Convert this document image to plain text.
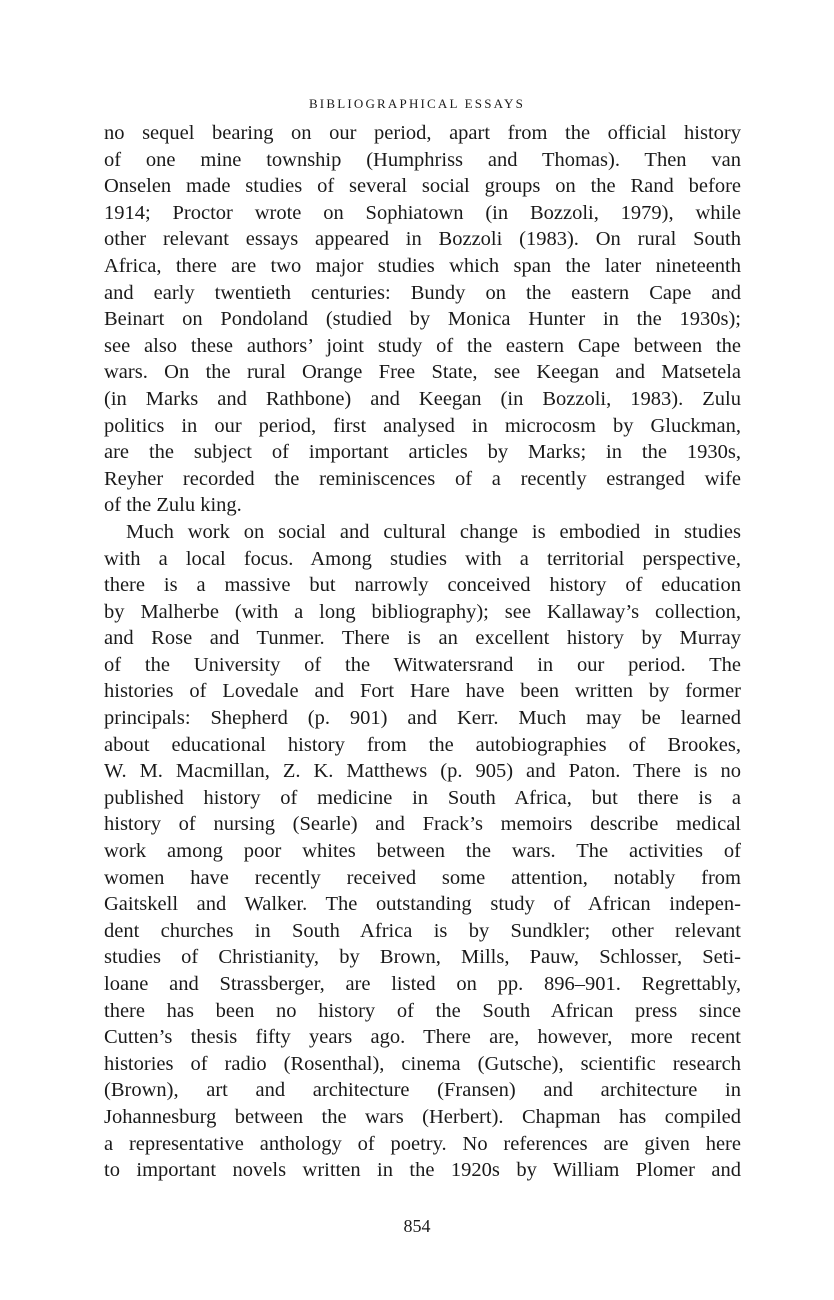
BIBLIOGRAPHICAL ESSAYS
no sequel bearing on our period, apart from the official history
of one mine township (Humphriss and Thomas). Then van
Onselen made studies of several social groups on the Rand before
1914; Proctor wrote on Sophiatown (in Bozzoli, 1979), while
other relevant essays appeared in Bozzoli (1983). On rural South
Africa, there are two major studies which span the later nineteenth
and early twentieth centuries: Bundy on the eastern Cape and
Beinart on Pondoland (studied by Monica Hunter in the 1930s);
see also these authors’ joint study of the eastern Cape between the
wars. On the rural Orange Free State, see Keegan and Matsetela
(in Marks and Rathbone) and Keegan (in Bozzoli, 1983). Zulu
politics in our period, first analysed in microcosm by Gluckman,
are the subject of important articles by Marks; in the 1930s,
Reyher recorded the reminiscences of a recently estranged wife
of the Zulu king.
Much work on social and cultural change is embodied in studies
with a local focus. Among studies with a territorial perspective,
there is a massive but narrowly conceived history of education
by Malherbe (with a long bibliography); see Kallaway’s collection,
and Rose and Tunmer. There is an excellent history by Murray
of the University of the Witwatersrand in our period. The
histories of Lovedale and Fort Hare have been written by former
principals: Shepherd (p. 901) and Kerr. Much may be learned
about educational history from the autobiographies of Brookes,
W. M. Macmillan, Z. K. Matthews (p. 905) and Paton. There is no
published history of medicine in South Africa, but there is a
history of nursing (Searle) and Frack’s memoirs describe medical
work among poor whites between the wars. The activities of
women have recently received some attention, notably from
Gaitskell and Walker. The outstanding study of African indepen-
dent churches in South Africa is by Sundkler; other relevant
studies of Christianity, by Brown, Mills, Pauw, Schlosser, Seti-
loane and Strassberger, are listed on pp. 896–901. Regrettably,
there has been no history of the South African press since
Cutten’s thesis fifty years ago. There are, however, more recent
histories of radio (Rosenthal), cinema (Gutsche), scientific research
(Brown), art and architecture (Fransen) and architecture in
Johannesburg between the wars (Herbert). Chapman has compiled
a representative anthology of poetry. No references are given here
to important novels written in the 1920s by William Plomer and
854
